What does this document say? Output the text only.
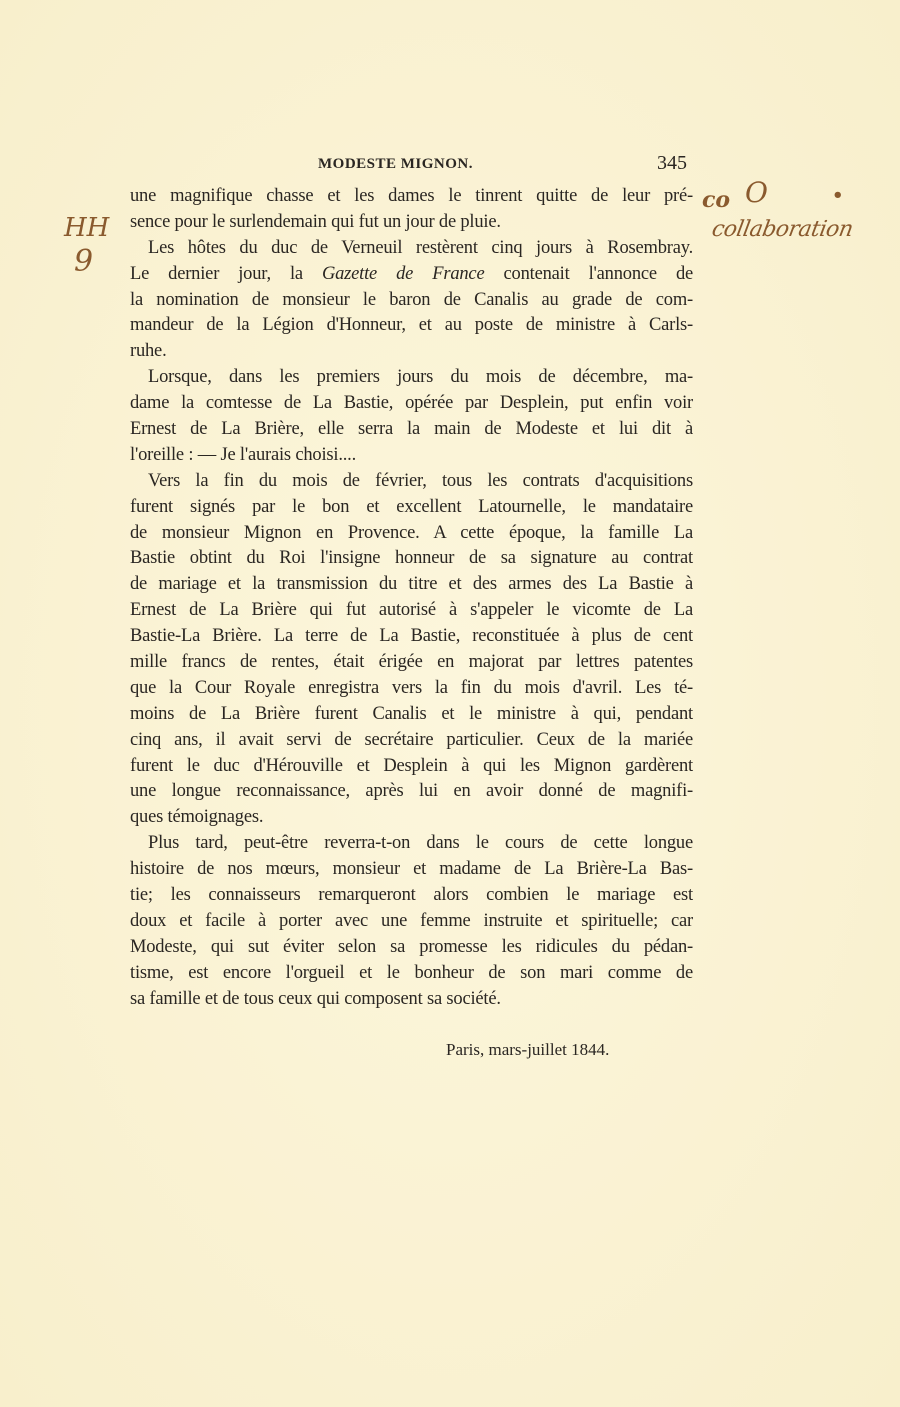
MODESTE MIGNON.	345
une magnifique chasse et les dames le tinrent quitte de leur pré-
sence pour le surlendemain qui fut un jour de pluie.
Les hôtes du duc de Verneuil restèrent cinq jours à Rosembray.
Le dernier jour, la Gazette de France contenait l'annonce de
la nomination de monsieur le baron de Canalis au grade de com-
mandeur de la Légion d'Honneur, et au poste de ministre à Carls-
ruhe.
Lorsque, dans les premiers jours du mois de décembre, ma-
dame la comtesse de La Bastie, opérée par Desplein, put enfin voir
Ernest de La Brière, elle serra la main de Modeste et lui dit à
l'oreille : — Je l'aurais choisi....
Vers la fin du mois de février, tous les contrats d'acquisitions
furent signés par le bon et excellent Latournelle, le mandataire
de monsieur Mignon en Provence. A cette époque, la famille La
Bastie obtint du Roi l'insigne honneur de sa signature au contrat
de mariage et la transmission du titre et des armes des La Bastie à
Ernest de La Brière qui fut autorisé à s'appeler le vicomte de La
Bastie-La Brière. La terre de La Bastie, reconstituée à plus de cent
mille francs de rentes, était érigée en majorat par lettres patentes
que la Cour Royale enregistra vers la fin du mois d'avril. Les té-
moins de La Brière furent Canalis et le ministre à qui, pendant
cinq ans, il avait servi de secrétaire particulier. Ceux de la mariée
furent le duc d'Hérouville et Desplein à qui les Mignon gardèrent
une longue reconnaissance, après lui en avoir donné de magnifi-
ques témoignages.
Plus tard, peut-être reverra-t-on dans le cours de cette longue
histoire de nos mœurs, monsieur et madame de La Brière-La Bas-
tie; les connaisseurs remarqueront alors combien le mariage est
doux et facile à porter avec une femme instruite et spirituelle; car
Modeste, qui sut éviter selon sa promesse les ridicules du pédan-
tisme, est encore l'orgueil et le bonheur de son mari comme de
sa famille et de tous ceux qui composent sa société.
Paris, mars-juillet 1844.
HH
9
co O	•
collaboration
